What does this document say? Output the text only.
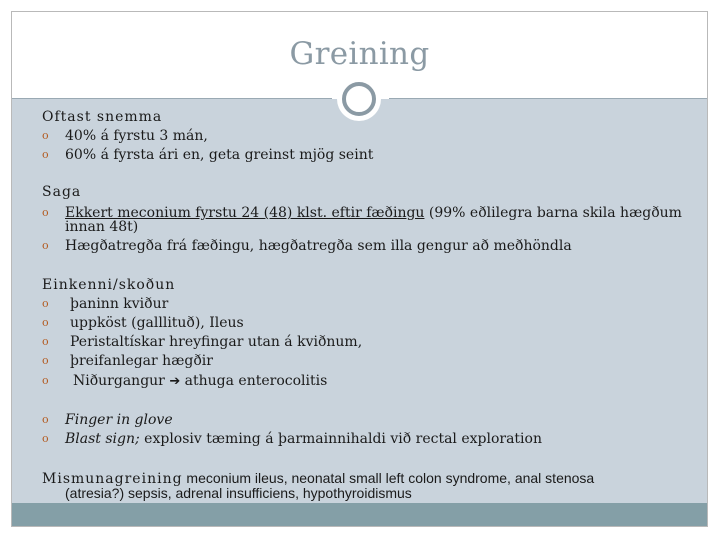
Greining
Oftast snemma
o 40% á fyrstu 3 mán,
o 60% á fyrsta ári en, geta greinst mjög seint
Saga
o Ekkert meconium fyrstu 24 (48) klst. eftir fæðingu (99% eðlilegra barna skila hægðum
innan 48t)
o Hægðatregða frá fæðingu, hægðatregða sem illa gengur að meðhöndla
Einkenni/skoðun
o þaninn kviður
o uppköst (galllituð), Ileus
o Peristaltískar hreyfingar utan á kviðnum,
o þreifanlegar hægðir
o Niðurgangur ➔ athuga enterocolitis
o Finger in glove
o Blast sign; explosiv tæming á þarmainnihaldi við rectal exploration
Mismunagreining meconium ileus, neonatal small left colon syndrome, anal stenosa
(atresia?) sepsis, adrenal insufficiens, hypothyroidismus
